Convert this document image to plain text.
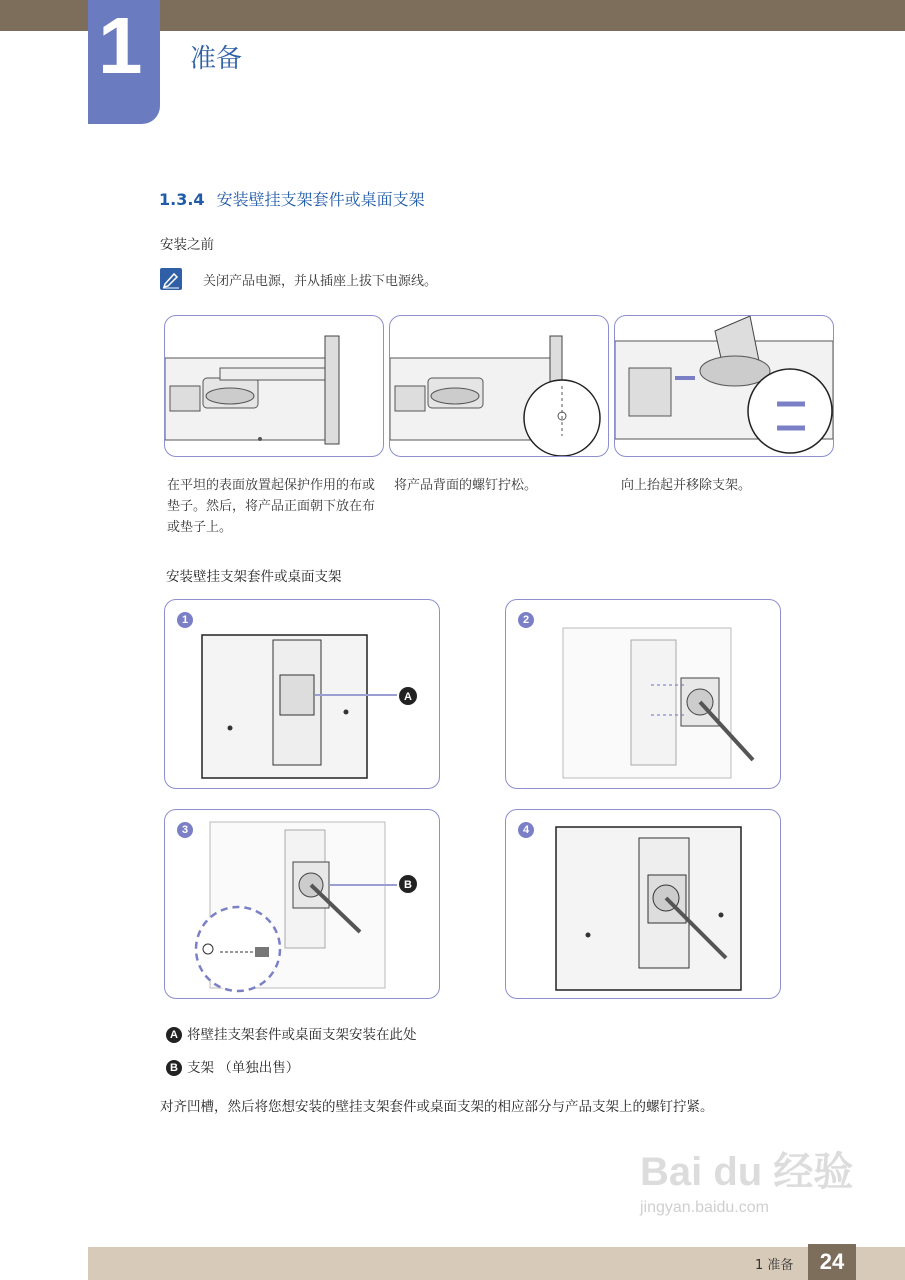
1 准备
1.3.4 安装壁挂支架套件或桌面支架
安装之前
关闭产品电源，并从插座上拔下电源线。
在平坦的表面放置起保护作用的布或垫子。然后，将产品正面朝下放在布或垫子上。
将产品背面的螺钉拧松。	向上抬起并移除支架。
安装壁挂支架套件或桌面支架
A
B
1	2
3	4
A 将壁挂支架套件或桌面支架安装在此处
B 支架 （单独出售）
对齐凹槽，然后将您想安装的壁挂支架套件或桌面支架的相应部分与产品支架上的螺钉拧紧。
Bai du 经验
jingyan.baidu.com
1 准备	24
